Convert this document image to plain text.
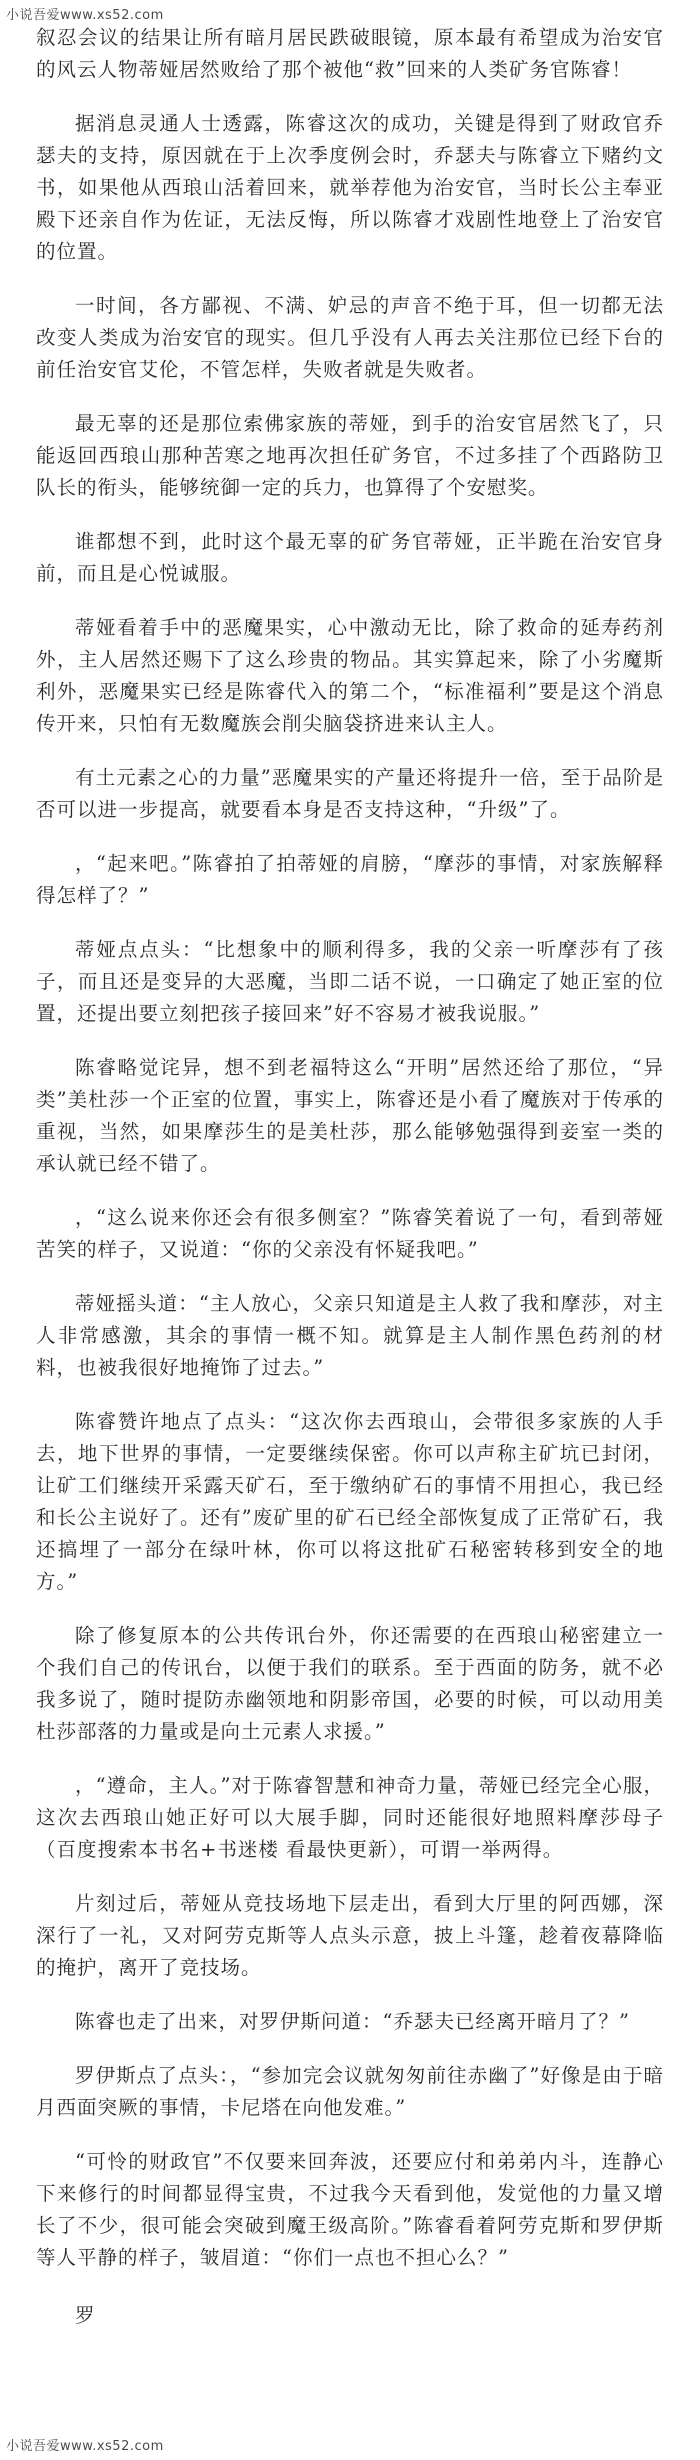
小说吾爱www.xs52.com

叙忍会议的结果让所有暗月居民跌破眼镜，原本最有希望成为治安官的风云人物蒂娅居然败给了那个被他“救”回来的人类矿务官陈睿！

据消息灵通人士透露，陈睿这次的成功，关键是得到了财政官乔瑟夫的支持，原因就在于上次季度例会时，乔瑟夫与陈睿立下赌约文书，如果他从西琅山活着回来，就举荐他为治安官，当时长公主奉亚殿下还亲自作为佐证，无法反悔，所以陈睿才戏剧性地登上了治安官的位置。

一时间，各方鄙视、不满、妒忌的声音不绝于耳，但一切都无法改变人类成为治安官的现实。但几乎没有人再去关注那位已经下台的前任治安官艾伦，不管怎样，失败者就是失败者。

最无辜的还是那位索佛家族的蒂娅，到手的治安官居然飞了，只能返回西琅山那种苦寒之地再次担任矿务官，不过多挂了个西路防卫队长的衔头，能够统御一定的兵力，也算得了个安慰奖。

谁都想不到，此时这个最无辜的矿务官蒂娅，正半跪在治安官身前，而且是心悦诚服。

蒂娅看着手中的恶魔果实，心中激动无比，除了救命的延寿药剂外，主人居然还赐下了这么珍贵的物品。其实算起来，除了小劣魔斯利外，恶魔果实已经是陈睿代入的第二个，“标准福利”要是这个消息传开来，只怕有无数魔族会削尖脑袋挤进来认主人。

有土元素之心的力量”恶魔果实的产量还将提升一倍，至于品阶是否可以进一步提高，就要看本身是否支持这种，“升级”了。

，“起来吧。”陈睿拍了拍蒂娅的肩膀，“摩莎的事情，对家族解释得怎样了？”

蒂娅点点头：“比想象中的顺利得多，我的父亲一听摩莎有了孩子，而且还是变异的大恶魔，当即二话不说，一口确定了她正室的位置，还提出要立刻把孩子接回来”好不容易才被我说服。”

陈睿略觉诧异，想不到老福特这么“开明”居然还给了那位，“异类”美杜莎一个正室的位置，事实上，陈睿还是小看了魔族对于传承的重视，当然，如果摩莎生的是美杜莎，那么能够勉强得到妾室一类的承认就已经不错了。

，“这么说来你还会有很多侧室？”陈睿笑着说了一句，看到蒂娅苦笑的样子，又说道：“你的父亲没有怀疑我吧。”

蒂娅摇头道：“主人放心，父亲只知道是主人救了我和摩莎，对主人非常感激，其余的事情一概不知。就算是主人制作黑色药剂的材料，也被我很好地掩饰了过去。”

陈睿赞许地点了点头：“这次你去西琅山，会带很多家族的人手去，地下世界的事情，一定要继续保密。你可以声称主矿坑已封闭，让矿工们继续开采露天矿石，至于缴纳矿石的事情不用担心，我已经和长公主说好了。还有”废矿里的矿石已经全部恢复成了正常矿石，我还搞埋了一部分在绿叶林，你可以将这批矿石秘密转移到安全的地方。”

除了修复原本的公共传讯台外，你还需要的在西琅山秘密建立一个我们自己的传讯台，以便于我们的联系。至于西面的防务，就不必我多说了，随时提防赤幽领地和阴影帝国，必要的时候，可以动用美杜莎部落的力量或是向土元素人求援。”

，“遵命，主人。”对于陈睿智慧和神奇力量，蒂娅已经完全心服，这次去西琅山她正好可以大展手脚，同时还能很好地照料摩莎母子（百度搜索本书名+书迷楼 看最快更新），可谓一举两得。

片刻过后，蒂娅从竞技场地下层走出，看到大厅里的阿西娜，深深行了一礼，又对阿劳克斯等人点头示意，披上斗篷，趁着夜幕降临的掩护，离开了竞技场。

陈睿也走了出来，对罗伊斯问道：“乔瑟夫已经离开暗月了？”

罗伊斯点了点头：，“参加完会议就匆匆前往赤幽了”好像是由于暗月西面突厥的事情，卡尼塔在向他发难。”

“可怜的财政官”不仅要来回奔波，还要应付和弟弟内斗，连静心下来修行的时间都显得宝贵，不过我今天看到他，发觉他的力量又增长了不少，很可能会突破到魔王级高阶。”陈睿看着阿劳克斯和罗伊斯等人平静的样子，皱眉道：“你们一点也不担心么？”

罗

小说吾爱www.xs52.com
